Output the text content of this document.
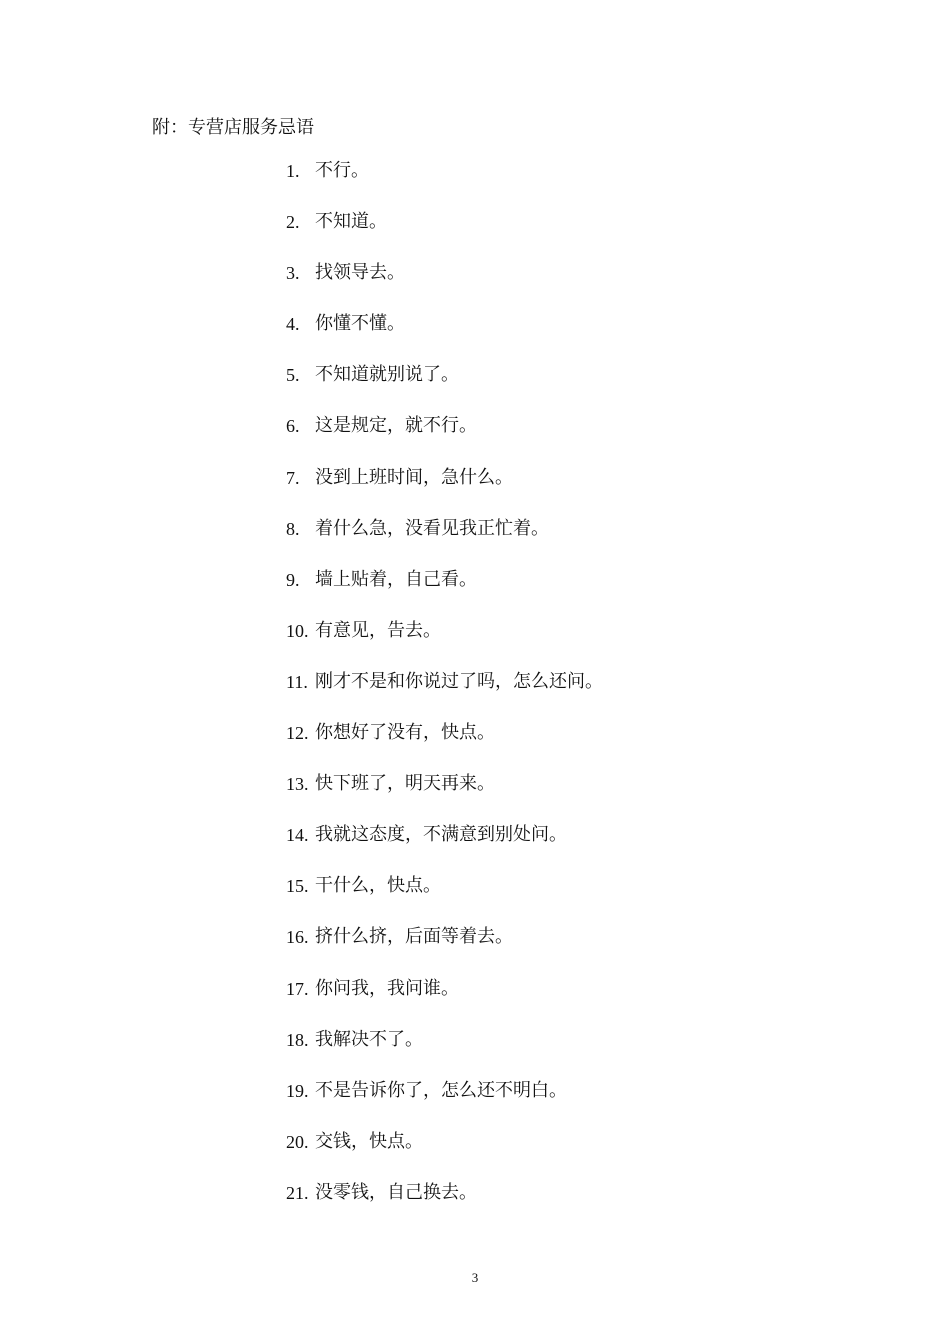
附：专营店服务忌语
1. 不行。
2. 不知道。
3. 找领导去。
4. 你懂不懂。
5. 不知道就别说了。
6. 这是规定，就不行。
7. 没到上班时间，急什么。
8. 着什么急，没看见我正忙着。
9. 墙上贴着，自己看。
10. 有意见，告去。
11. 刚才不是和你说过了吗，怎么还问。
12. 你想好了没有，快点。
13. 快下班了，明天再来。
14. 我就这态度，不满意到别处问。
15. 干什么，快点。
16. 挤什么挤，后面等着去。
17. 你问我，我问谁。
18. 我解决不了。
19. 不是告诉你了，怎么还不明白。
20. 交钱，快点。
21. 没零钱，自己换去。
3
